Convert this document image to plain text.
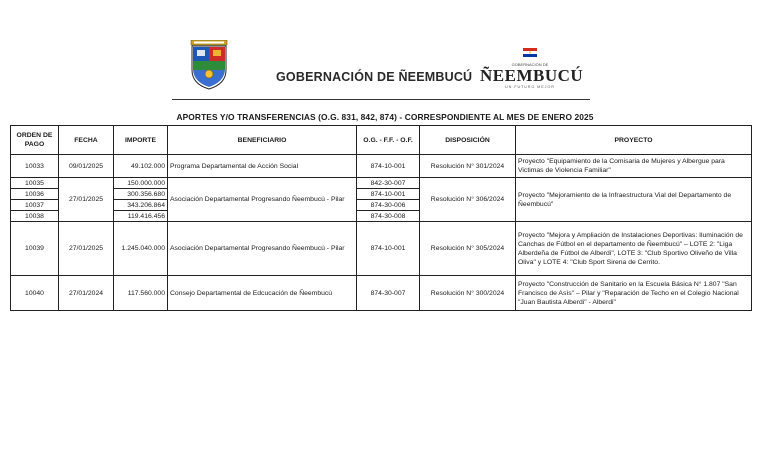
GOBERNACIÓN DE ÑEEMBUCÚ
GOBERNACIÓN DE
ÑEEMBUCÚ
UN FUTURO MEJOR
APORTES Y/O TRANSFERENCIAS (O.G. 831, 842, 874) - CORRESPONDIENTE AL MES DE ENERO 2025
ORDEN DE PAGO	FECHA	IMPORTE	BENEFICIARIO	O.G. - F.F. - O.F.	DISPOSICIÓN	PROYECTO
10033	09/01/2025	49.102.000	Programa Departamental de Acción Social	874-10-001	Resolución N° 301/2024	Proyecto "Equipamiento de la Comisaria de Mujeres y Albergue para Victimas de Violencia Familiar"
10035	27/01/2025	150.000.000	Asociación Departamental Progresando Ñeembucú - Pilar	842-30-007	Resolución N° 306/2024	Proyecto "Mejoramiento de la Infraestructura Vial del Departamento de Ñeembucú"
10036		300.356.680		874-10-001		
10037		343.206.864		874-30-006		
10038		119.416.456		874-30-008		
10039	27/01/2025	1.245.040.000	Asociación Departamental Progresando Ñeembucú - Pilar	874-10-001	Resolución N° 305/2024	Proyecto "Mejora y Ampliación de Instalaciones Deportivas: Iluminación de Canchas de Fútbol en el departamento de Ñeembucú" – LOTE 2: "Liga Alberdeña de Fútbol de Alberdi", LOTE 3: "Club Sportivo Oliveño de Villa Oliva" y LOTE 4: "Club Sport Sirena de Cerrito.
10040	27/01/2024	117.560.000	Consejo Departamental de Edcucación de Ñeembucú	874-30-007	Resolución N° 300/2024	Proyecto "Construcción de Sanitario en la Escuela Básica N° 1.807 "San Francisco de Asís" – Pilar y "Reparación de Techo en el Colegio Nacional "Juan Bautista Alberdi" - Alberdi"
